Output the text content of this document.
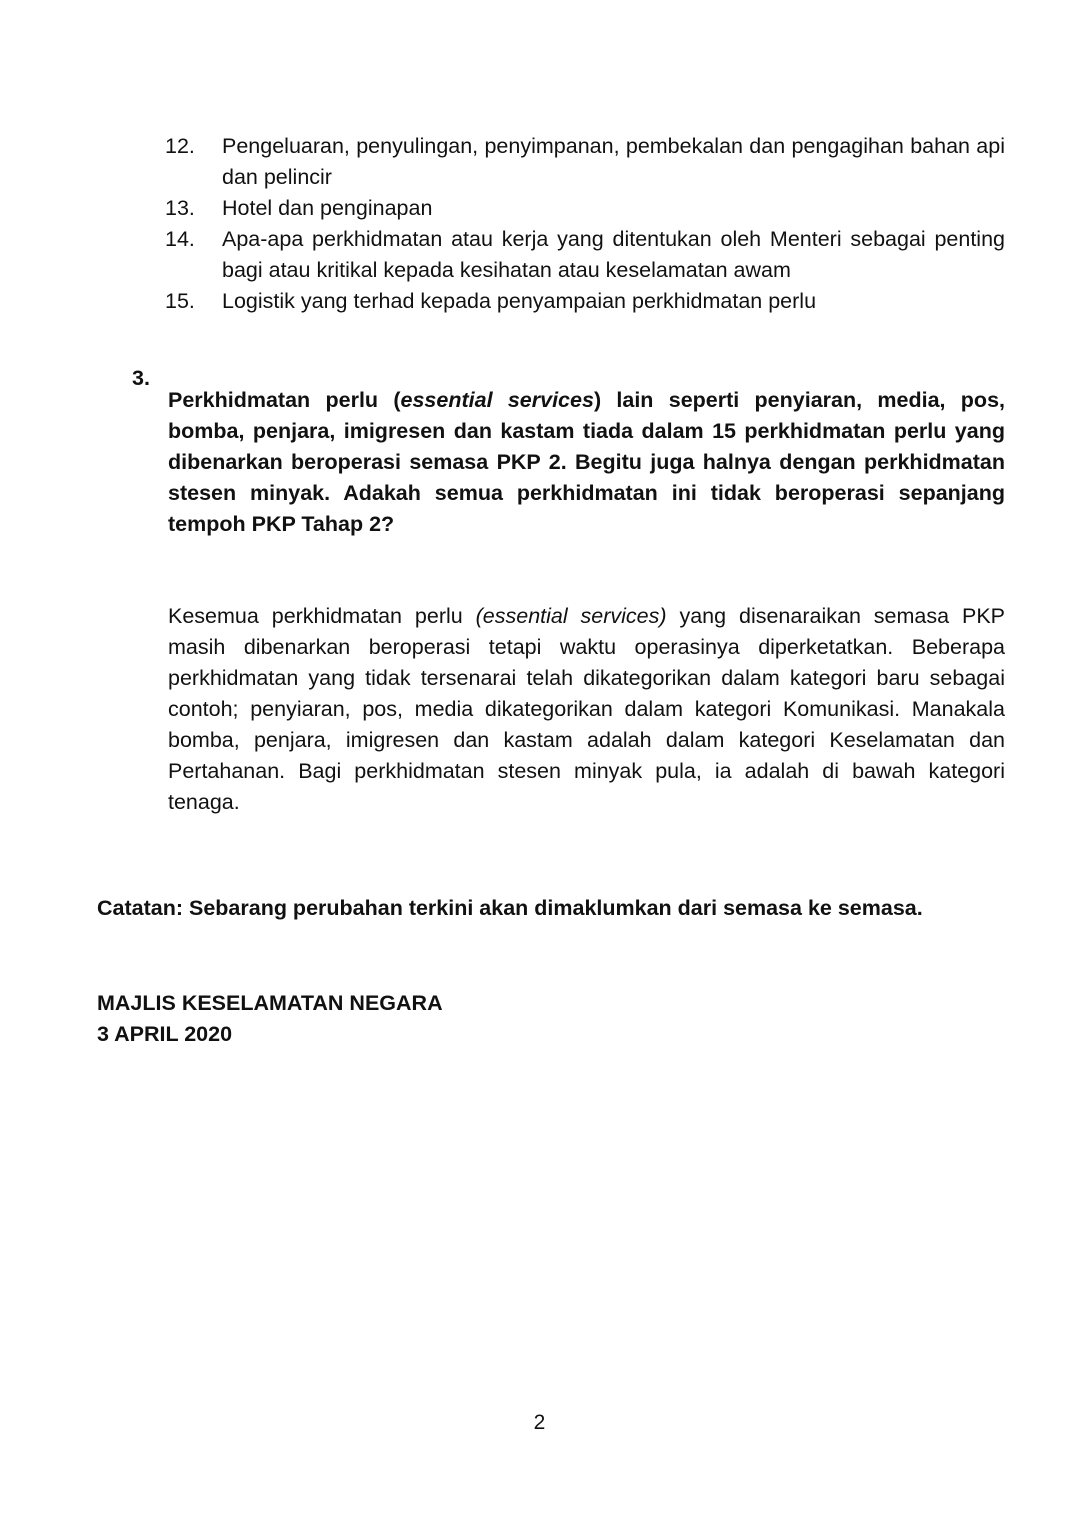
12.	Pengeluaran, penyulingan, penyimpanan, pembekalan dan pengagihan bahan api dan pelincir
13.	Hotel dan penginapan
14.	Apa-apa perkhidmatan atau kerja yang ditentukan oleh Menteri sebagai penting bagi atau kritikal kepada kesihatan atau keselamatan awam
15.	Logistik yang terhad kepada penyampaian perkhidmatan perlu
3.

Perkhidmatan perlu (essential services) lain seperti penyiaran, media, pos, bomba, penjara, imigresen dan kastam tiada dalam 15 perkhidmatan perlu yang dibenarkan beroperasi semasa PKP 2. Begitu juga halnya dengan perkhidmatan stesen minyak. Adakah semua perkhidmatan ini tidak beroperasi sepanjang tempoh PKP Tahap 2?

Kesemua perkhidmatan perlu (essential services) yang disenaraikan semasa PKP masih dibenarkan beroperasi tetapi waktu operasinya diperketatkan. Beberapa perkhidmatan yang tidak tersenarai telah dikategorikan dalam kategori baru sebagai contoh; penyiaran, pos, media dikategorikan dalam kategori Komunikasi. Manakala bomba, penjara, imigresen dan kastam adalah dalam kategori Keselamatan dan Pertahanan. Bagi perkhidmatan stesen minyak pula, ia adalah di bawah kategori tenaga.

Catatan: Sebarang perubahan terkini akan dimaklumkan dari semasa ke semasa.

MAJLIS KESELAMATAN NEGARA
3 APRIL 2020
2
